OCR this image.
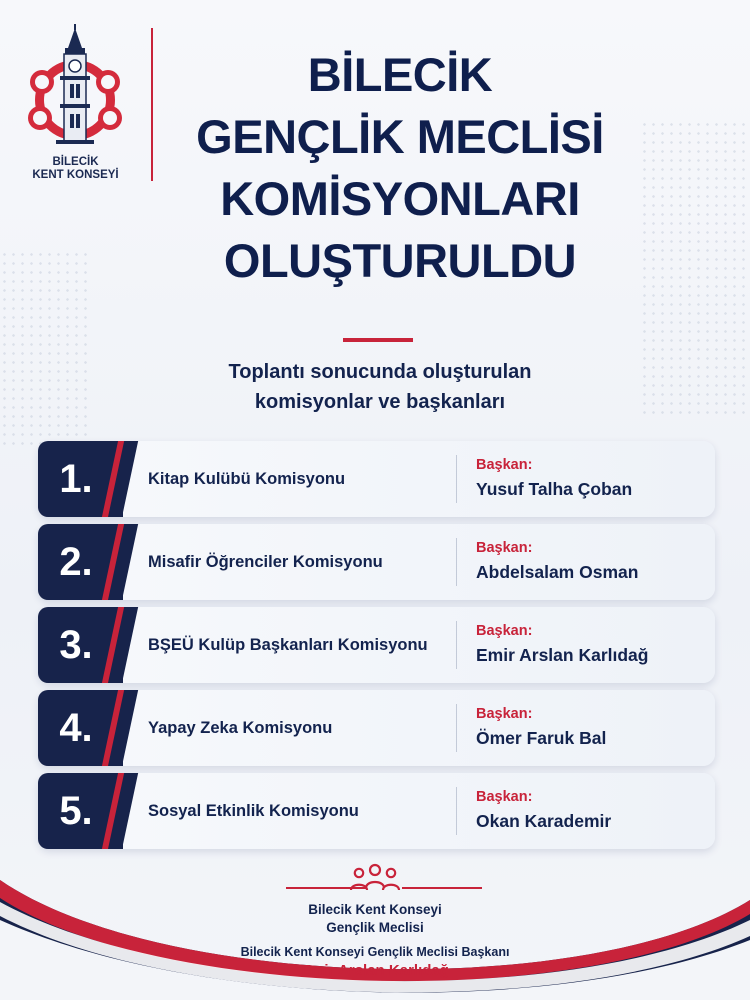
BİLECİK
KENT KONSEYİ
BİLECİK
GENÇLİK MECLİSİ
KOMİSYONLARI
OLUŞTURULDU
Toplantı sonucunda oluşturulan
komisyonlar ve başkanları
1.	Kitap Kulübü Komisyonu
Başkan:
Yusuf Talha Çoban
2.	Misafir Öğrenciler Komisyonu
Başkan:
Abdelsalam Osman
3.	BŞEÜ Kulüp Başkanları Komisyonu
Başkan:
Emir Arslan Karlıdağ
4.	Yapay Zeka Komisyonu
Başkan:
Ömer Faruk Bal
5.	Sosyal Etkinlik Komisyonu
Başkan:
Okan Karademir
Bilecik Kent Konseyi
Gençlik Meclisi
Bilecik Kent Konseyi Gençlik Meclisi Başkanı
Emir Arslan Karlıdağ
